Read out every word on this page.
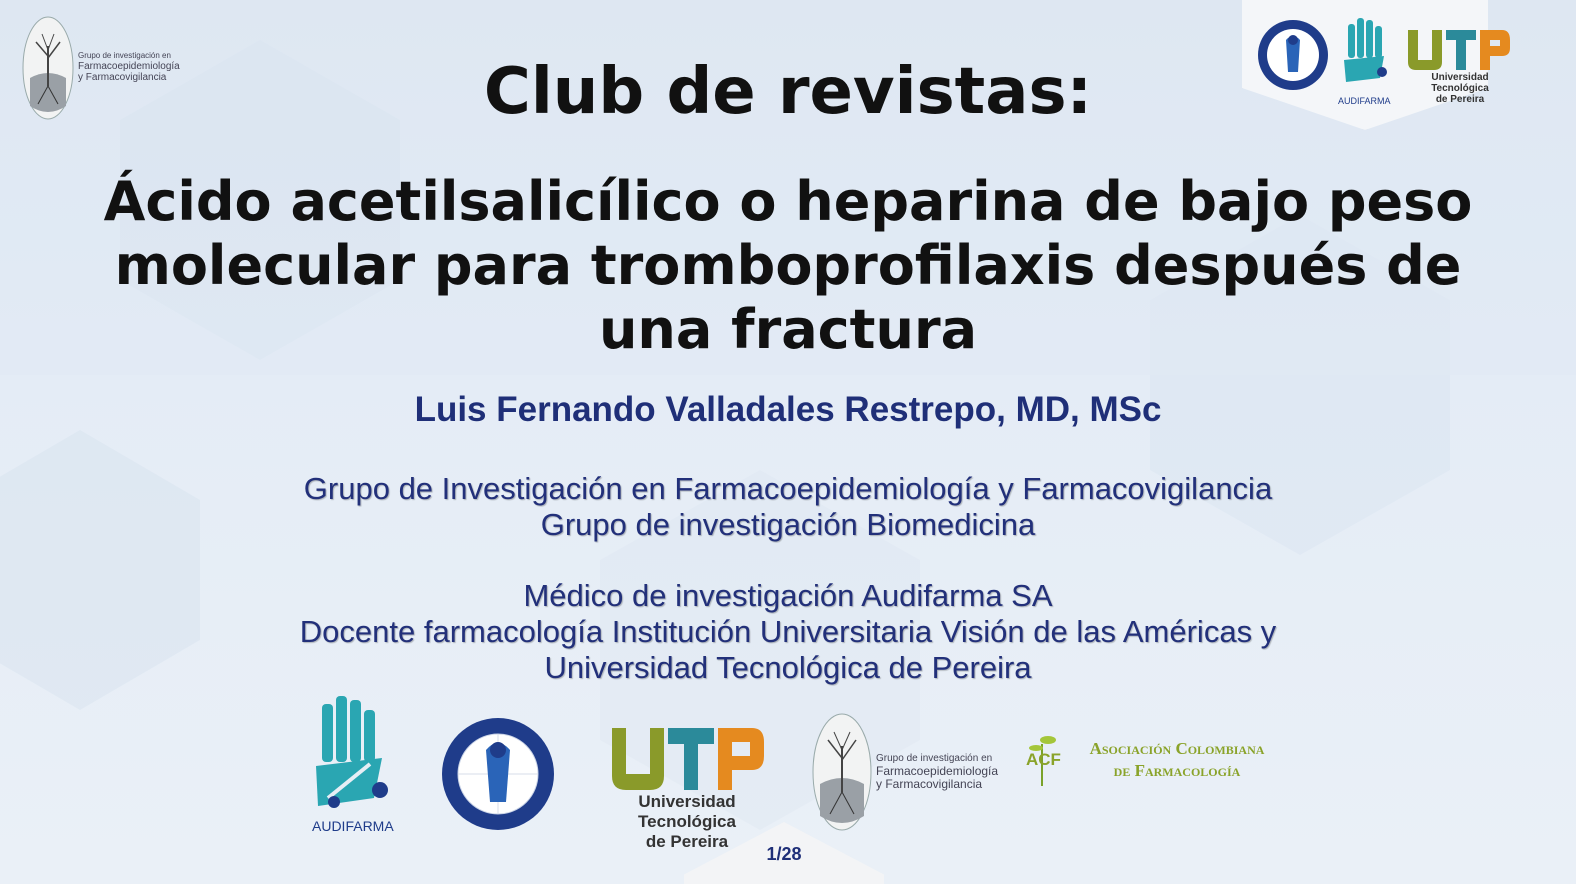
Grupo de investigación en
Farmacoepidemiología
y Farmacovigilancia
AUDIFARMA
Universidad Tecnológica
de Pereira
Club de revistas:
Ácido acetilsalicílico o heparina de bajo peso molecular para tromboprofilaxis después de una fractura
Luis Fernando Valladales Restrepo, MD, MSc
Grupo de Investigación en Farmacoepidemiología y Farmacovigilancia
Grupo de investigación Biomedicina
Médico de investigación Audifarma SA
Docente farmacología Institución Universitaria Visión de las Américas y
Universidad Tecnológica de Pereira
AUDIFARMA
Universidad Tecnológica
de Pereira
Grupo de investigación en
Farmacoepidemiología
y Farmacovigilancia
ACF
Asociación Colombiana
de Farmacología
1/28
